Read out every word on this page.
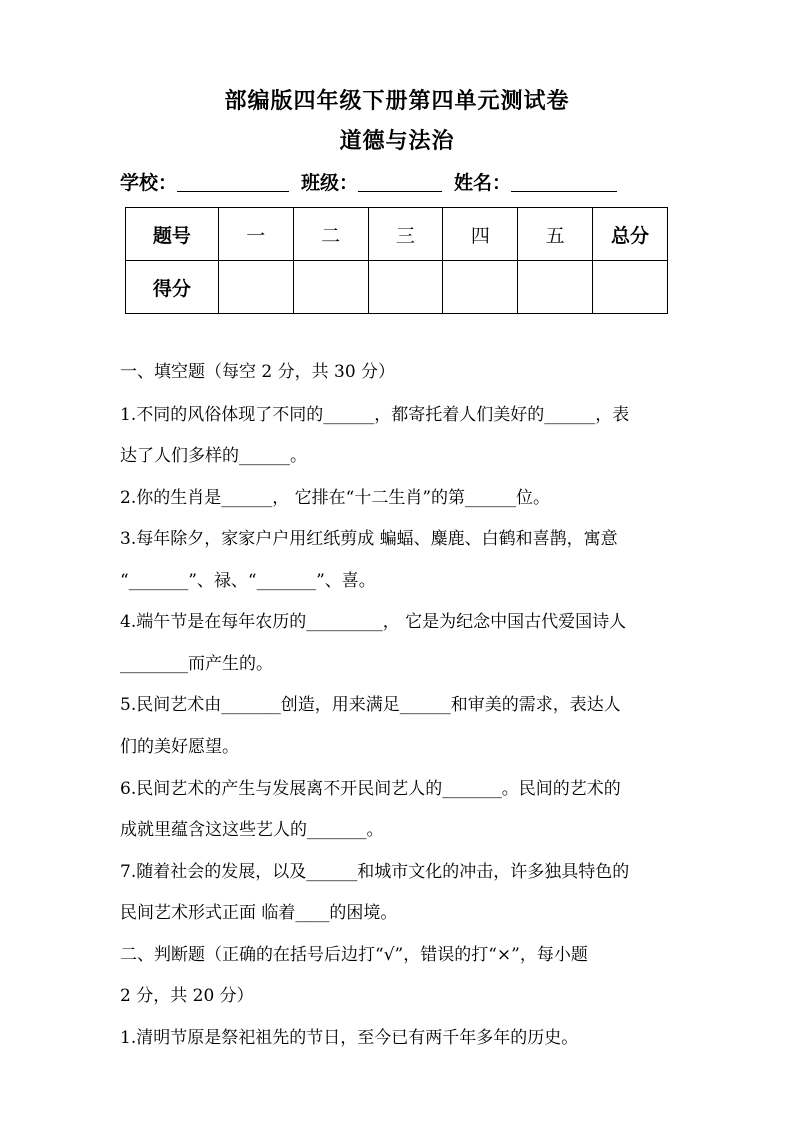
部编版四年级下册第四单元测试卷
道德与法治
学校：	班级：	姓名：
题号	一	二	三	四	五	总分
得分						
一、填空题（每空 2 分，共 30 分）
1.不同的风俗体现了不同的______，都寄托着人们美好的______，表
达了人们多样的______。
2.你的生肖是______， 它排在“十二生肖”的第______位。
3.每年除夕，家家户户用红纸剪成 蝙蝠、麋鹿、白鹤和喜鹊，寓意
“_______”、禄、“_______”、喜。
4.端午节是在每年农历的_________， 它是为纪念中国古代爱国诗人
________而产生的。
5.民间艺术由_______创造，用来满足______和审美的需求，表达人
们的美好愿望。
6.民间艺术的产生与发展离不开民间艺人的_______。民间的艺术的
成就里蕴含这这些艺人的_______。
7.随着社会的发展，以及______和城市文化的冲击，许多独具特色的
民间艺术形式正面 临着____的困境。
二、判断题（正确的在括号后边打“√”，错误的打“×”，每小题
2 分，共 20 分）
1.清明节原是祭祀祖先的节日，至今已有两千年多年的历史。
